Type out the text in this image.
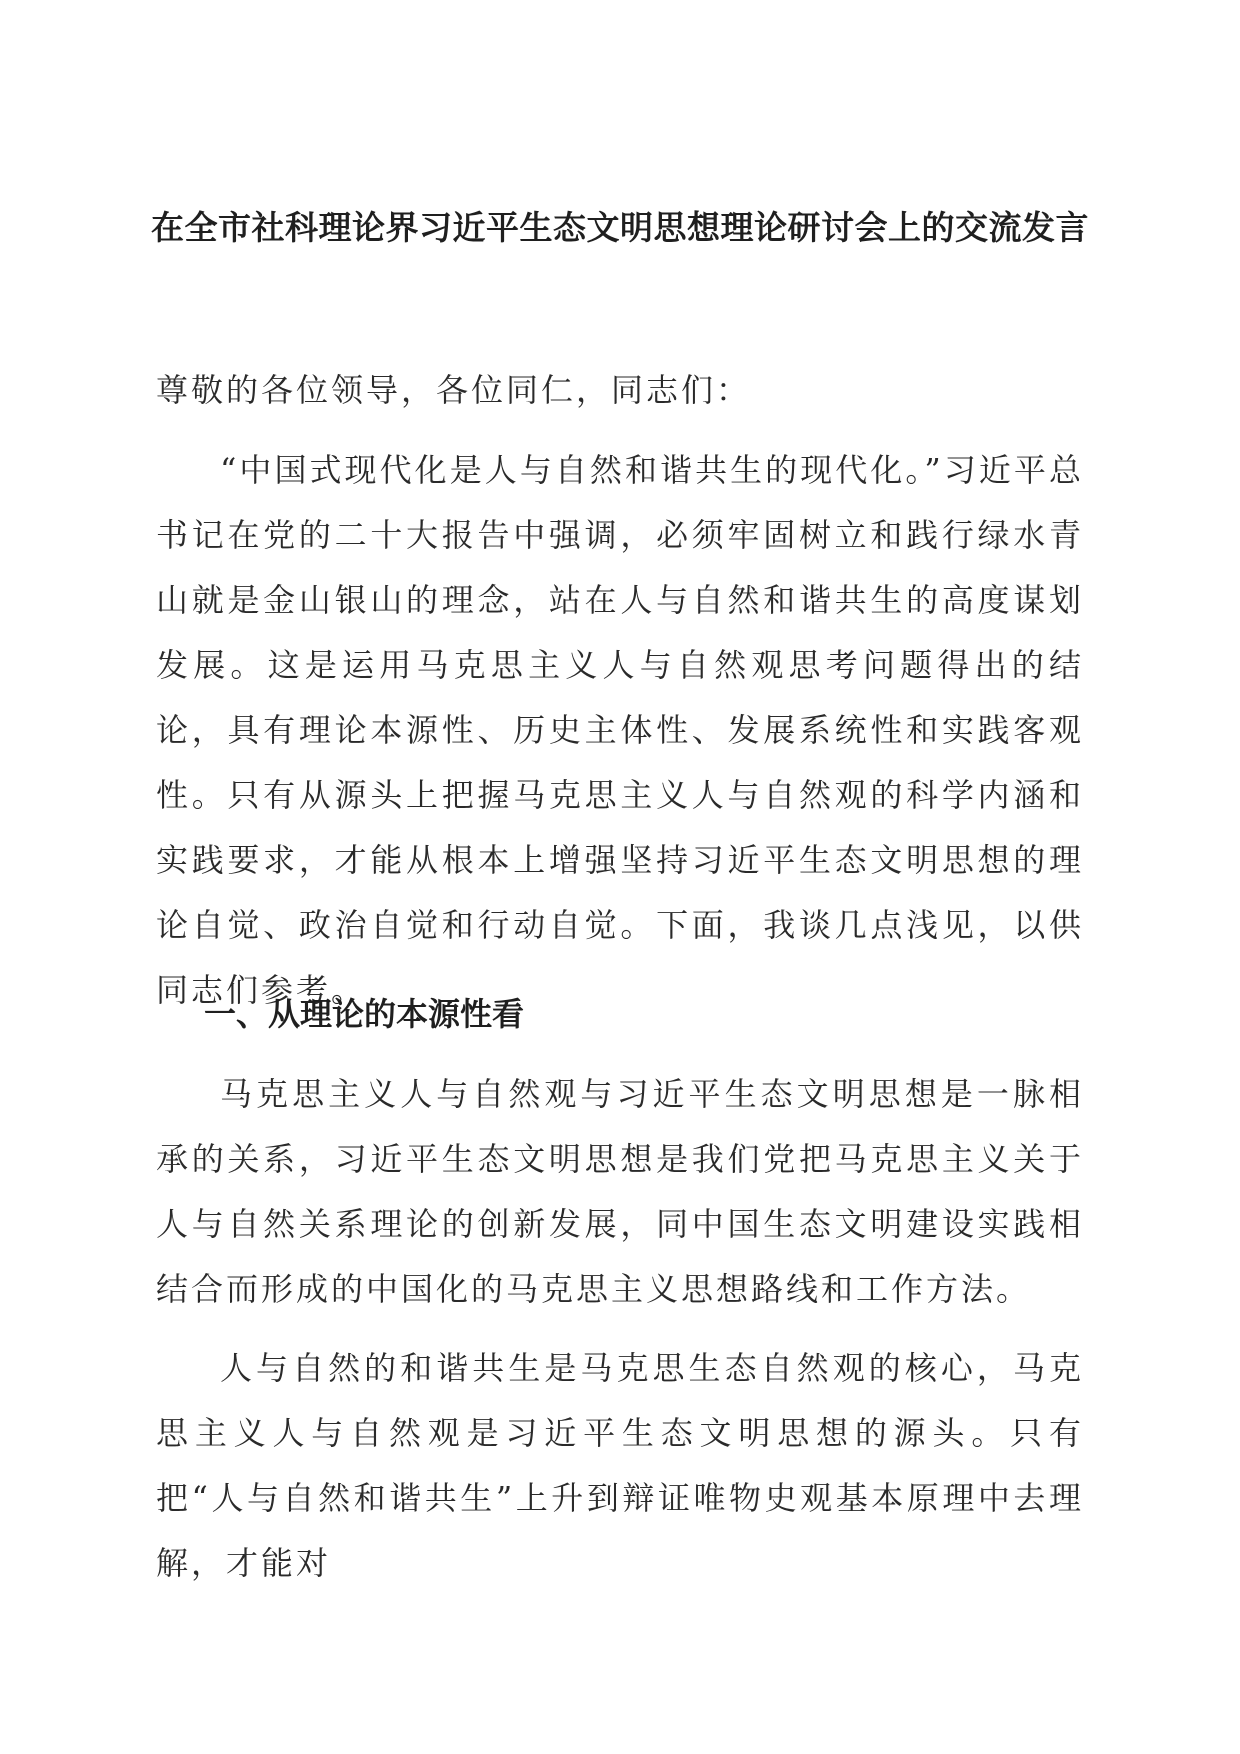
在全市社科理论界习近平生态文明思想理论研讨会上的交流发言
尊敬的各位领导，各位同仁，同志们：
“中国式现代化是人与自然和谐共生的现代化。”习近平总书记在党的二十大报告中强调，必须牢固树立和践行绿水青山就是金山银山的理念，站在人与自然和谐共生的高度谋划发展。这是运用马克思主义人与自然观思考问题得出的结论，具有理论本源性、历史主体性、发展系统性和实践客观性。只有从源头上把握马克思主义人与自然观的科学内涵和实践要求，才能从根本上增强坚持习近平生态文明思想的理论自觉、政治自觉和行动自觉。下面，我谈几点浅见，以供同志们参考。
一、从理论的本源性看
马克思主义人与自然观与习近平生态文明思想是一脉相承的关系，习近平生态文明思想是我们党把马克思主义关于人与自然关系理论的创新发展，同中国生态文明建设实践相结合而形成的中国化的马克思主义思想路线和工作方法。
人与自然的和谐共生是马克思生态自然观的核心，马克思主义人与自然观是习近平生态文明思想的源头。只有把“人与自然和谐共生”上升到辩证唯物史观基本原理中去理解，才能对
